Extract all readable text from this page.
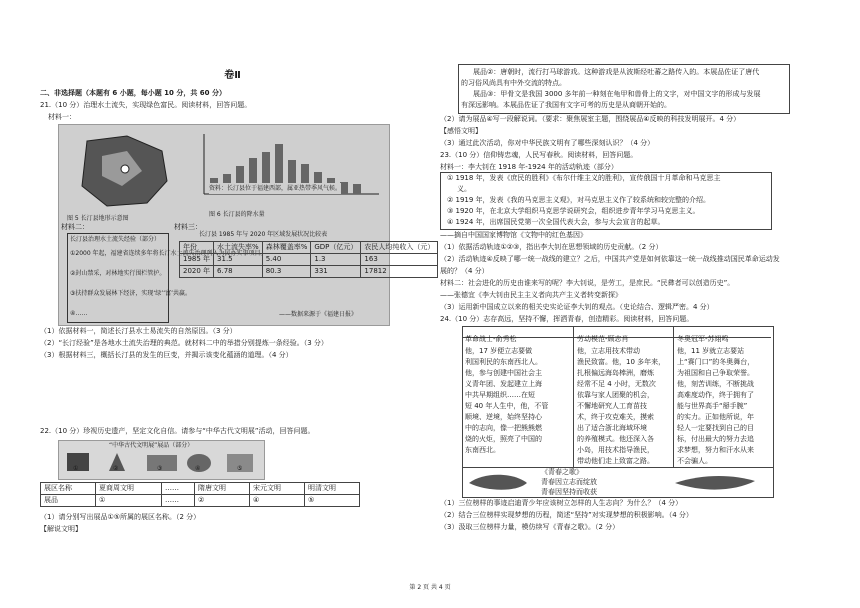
卷Ⅱ
二、非选择题（本题有 6 小题，每小题 10 分，共 60 分）
21.（10 分）治理水土流失，实现绿色富民。阅读材料，回答问题。
材料一：
图 5 长汀县地形示意图
图 6 长汀县的降水量
资料：长汀县位于福建西部，属亚热带季风气候。
材料二：
长汀县治理水土流失经验（部分）
①2000 年起，福建省连续多年将长汀水土流失治理列入为民办实事项目。
②封山禁采，对林地实行围栏管护。
③扶持群众发展林下经济，实现‘绿’‘富’共赢。
④……
材料三：
长汀县 1985 年与 2020 年区域发展状况比较表
年份	水土流失率%	森林覆盖率%	GDP（亿元）	农民人均纯收入（元）
1985 年	31.5	5.40	1.3	163
2020 年	6.78	80.3	331	17812
——数据来源于《福建日报》
（1）依据材料一，简述长汀县水土易流失的自然原因。（3 分）
（2）“长汀经验”是各地水土流失治理的典范。就材料二中的举措分别提炼一条经验。（3 分）
（3）根据材料三，概括长汀县的发生的巨变，并揭示该变化蕴涵的道理。（4 分）
22.（10 分）珍视历史遗产，坚定文化自信。请参与“中华古代文明展”活动，回答问题。
“中华古代文明展”展品（部分）
①	②	③	④	⑤
展区名称	夏商周文明	……	隋唐文明	宋元文明	明清文明
展品	①	……	②	④	⑤
（1）请分别写出展品①⑤所属的展区名称。（2 分）
【解说文明】
展品②：唐朝时，流行打马球游戏。这种游戏是从波斯经吐蕃之路传入的。本展品佐证了唐代
的习俗风尚具有中外交流的特点。
展品③：甲骨文是我国 3000 多年前一种刻在龟甲和兽骨上的文字，对中国文字的形成与发展
有深远影响。本展品佐证了我国有文字可考的历史是从商朝开始的。
（2）请为展品④写一段解说词。（要求：聚焦展室主题，围绕展品④反映的科技发明展开。4 分）
【感悟文明】
（3）通过此次活动，你对中华民族文明有了哪些深刻认识？（4 分）
23.（10 分）信仰铸忠魂，人民写春秋。阅读材料，回答问题。
材料一：李大钊在 1918 年-1924 年的活动轨迹（部分）
① 1918 年，发表《庶民的胜利》《布尔什维主义的胜利》，宣传俄国十月革命和马克思主
义。
② 1919 年，发表《我的马克思主义观》，对马克思主义作了较系统和较完整的介绍。
③ 1920 年，在北京大学组织马克思学说研究会，组织进步青年学习马克思主义。
④ 1924 年，出席国民党第一次全国代表大会，参与大会宣言的起草。
——摘自中国国家博物馆《文物中的红色基因》
（1）依据活动轨迹①②③，指出李大钊在思想领域的历史贡献。（2 分）
（2）活动轨迹④反映了哪一统一战线的建立？之后，中国共产党是如何依靠这一统一战线推动国民革命运动发
展的？（4 分）
材料二：社会进化的历史由谁来写的呢？李大钊说，是劳工，是庶民。“民彝者可以创造历史”。
——张德宜《李大钊由民主主义者向共产主义者转变新探》
（3）运用新中国成立以来的相关史实论证李大钊的观点。（史论结合、逻辑严密。4 分）
24.（10 分）志存高远，坚持不懈，挥洒青春，创造精彩。阅读材料，回答问题。
革命战士-俞秀松
他，17 岁便立志要做
利国利民的东南西北人。
他，参与创建中国社会主
义青年团、发起建立上海
中共早期组织……在短
短 40 年人生中，他，不管
顺境、逆境，始终坚持心
中的志向，像一把熊熊燃
烧的火炬，照亮了中国的
东南西北。
劳动模范-顾志肖
他，立志用技术带动
渔民致富。他，10 多年来，
扎根偏远海岛棒洲，磨炼
经常不足 4 小时，无数次
依靠与家人团聚的机会，
不懈地研究人工育苗技
术，终于攻克难关，摸索
出了适合浙北海域环境
的养殖模式。他还深入各
小岛，用技术指导渔民，
带动他们走上致富之路。
冬奥冠军-苏翊鸣
他，11 岁就立志要站
上“赛门口”的冬奥舞台，
为祖国和自己争取荣誉。
他，刻苦训练，不断挑战
高难度动作，终于拥有了
能与世界高手“掰手腕”
的实力。正如他所说，年
轻人一定要找到自己的目
标，付出最大的努力去追
求梦想，努力和汗水从来
不会骗人。
《青春之歌》
青春因立志而绽放
青春因坚持而收获
（1）三位榜样的事迹启迪青少年应该树立怎样的人生志向？为什么？（4 分）
（2）结合三位榜样实现梦想的历程，简述“坚持”对实现梦想的积极影响。（4 分）
（3）汲取三位榜样力量，模仿续写《青春之歌》。（2 分）
第 2 页 共 4 页
